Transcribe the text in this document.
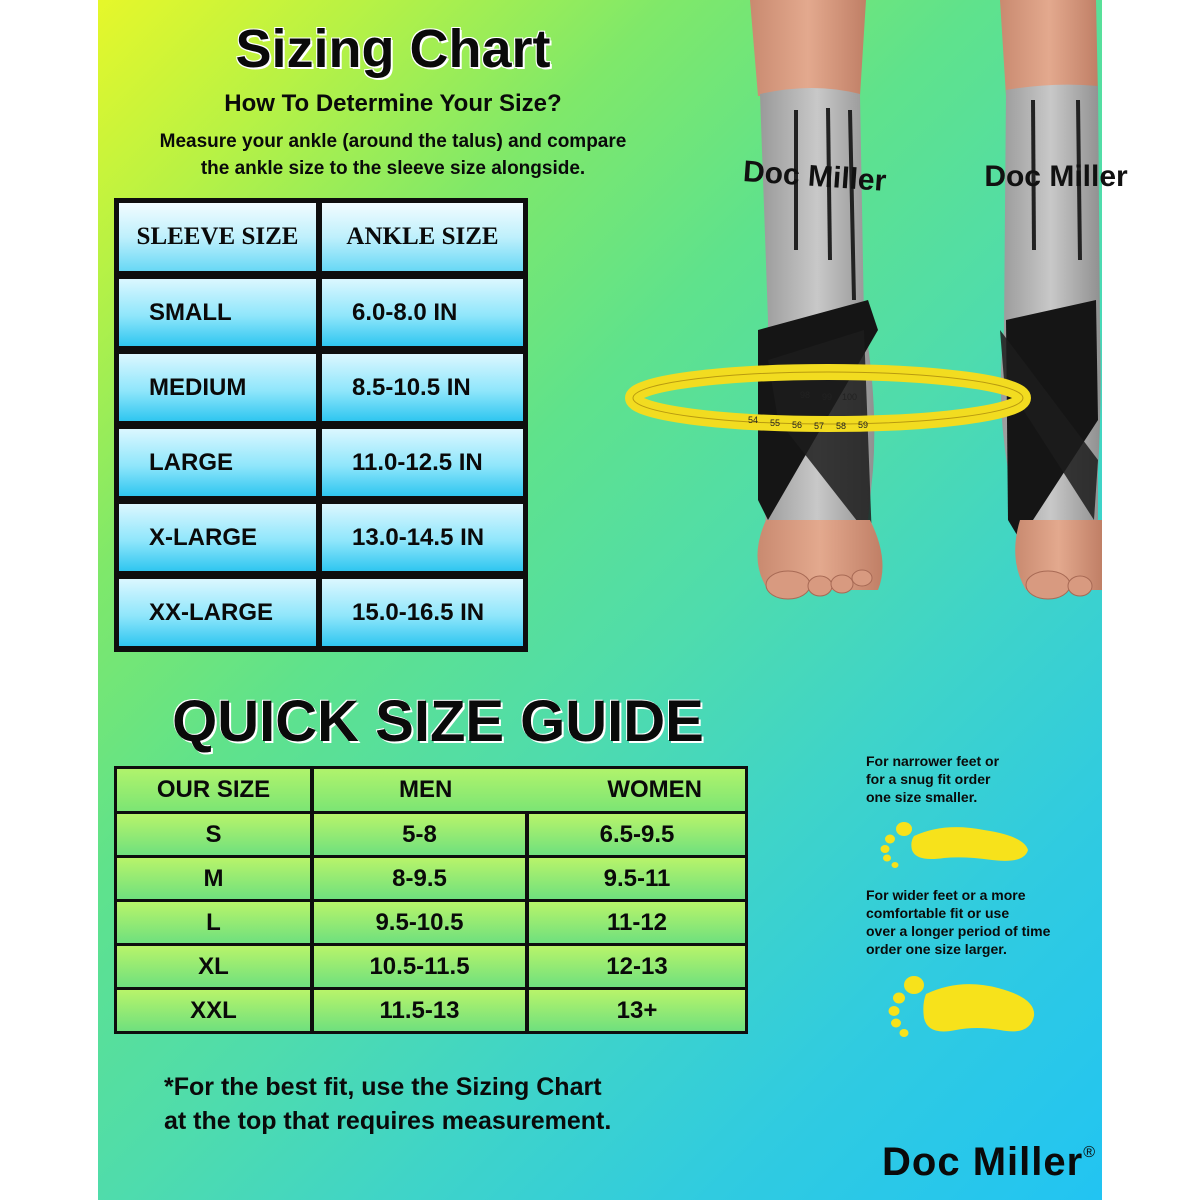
Sizing Chart
How To Determine Your Size?
Measure your ankle (around the talus) and compare
the ankle size to the sleeve size alongside.
SLEEVE SIZE	ANKLE SIZE
SMALL	6.0-8.0 IN
MEDIUM	8.5-10.5 IN
LARGE	11.0-12.5 IN
X-LARGE	13.0-14.5 IN
XX-LARGE	15.0-16.5 IN
Doc Miller	Doc Miller
54 55 56 57 58 59
98 99 100
QUICK SIZE GUIDE
OUR SIZE	MEN	WOMEN
S	5-8	6.5-9.5
M	8-9.5	9.5-11
L	9.5-10.5	11-12
XL	10.5-11.5	12-13
XXL	11.5-13	13+
*For the best fit, use the Sizing Chart
at the top that requires measurement.
For narrower feet or
for a snug fit order
one size smaller.
For wider feet or a more
comfortable fit or use
over a longer period of time
order one size larger.
Doc Miller®
